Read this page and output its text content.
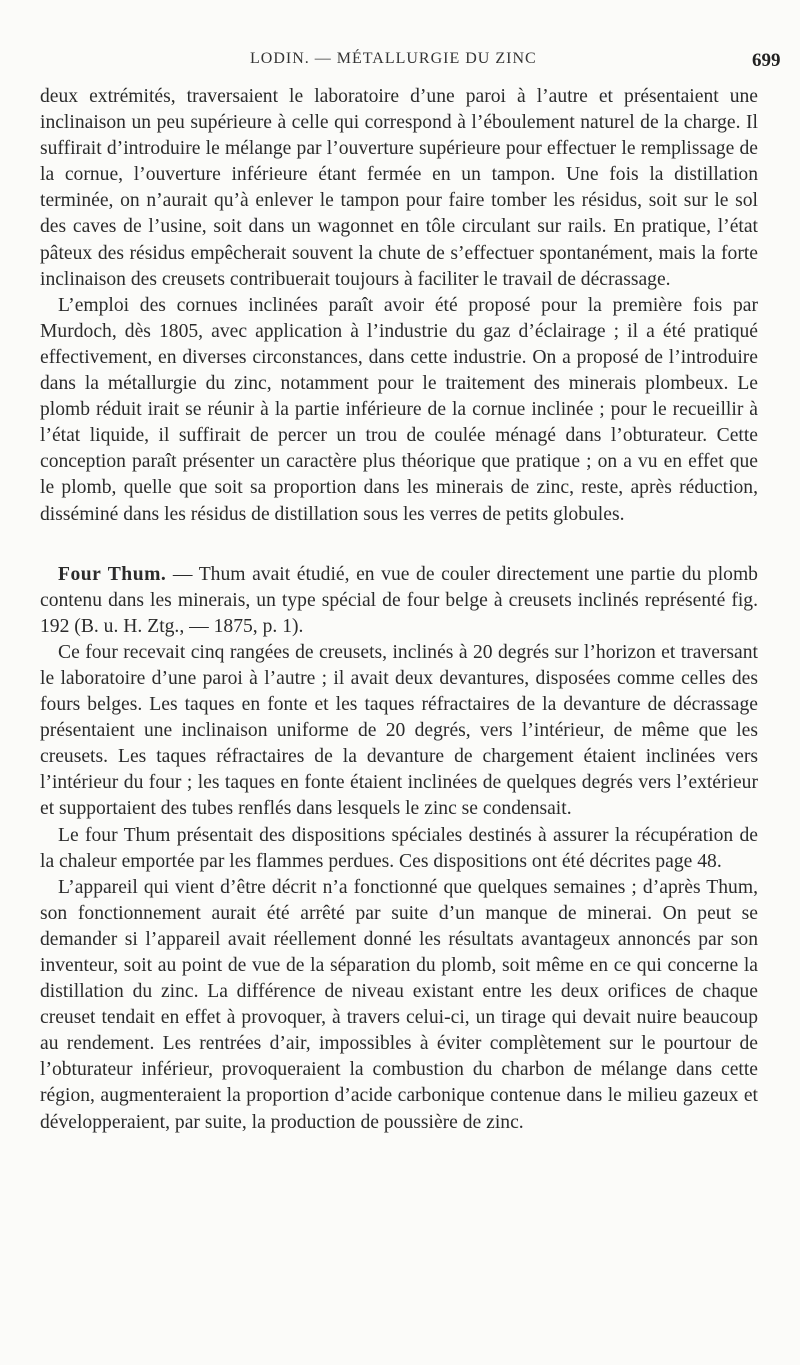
LODIN. — MÉTALLURGIE DU ZINC	699

deux extrémités, traversaient le laboratoire d’une paroi à l’autre et présentaient une inclinaison un peu supérieure à celle qui correspond à l’éboulement naturel de la charge. Il suffirait d’introduire le mélange par l’ouverture supérieure pour effectuer le remplissage de la cornue, l’ouverture inférieure étant fermée en un tampon. Une fois la distillation terminée, on n’aurait qu’à enlever le tampon pour faire tomber les résidus, soit sur le sol des caves de l’usine, soit dans un wagonnet en tôle circulant sur rails. En pratique, l’état pâteux des résidus empêcherait souvent la chute de s’effectuer spontanément, mais la forte inclinaison des creusets contribuerait toujours à faciliter le travail de décrassage.

L’emploi des cornues inclinées paraît avoir été proposé pour la première fois par Murdoch, dès 1805, avec application à l’industrie du gaz d’éclairage ; il a été pratiqué effectivement, en diverses circonstances, dans cette industrie. On a proposé de l’introduire dans la métallurgie du zinc, notamment pour le traitement des minerais plombeux. Le plomb réduit irait se réunir à la partie inférieure de la cornue inclinée ; pour le recueillir à l’état liquide, il suffirait de percer un trou de coulée ménagé dans l’obturateur. Cette conception paraît présenter un caractère plus théorique que pratique ; on a vu en effet que le plomb, quelle que soit sa proportion dans les minerais de zinc, reste, après réduction, disséminé dans les résidus de distillation sous les verres de petits globules.

Four Thum. — Thum avait étudié, en vue de couler directement une partie du plomb contenu dans les minerais, un type spécial de four belge à creusets inclinés représenté fig. 192 (B. u. H. Ztg., — 1875, p. 1).

Ce four recevait cinq rangées de creusets, inclinés à 20 degrés sur l’horizon et traversant le laboratoire d’une paroi à l’autre ; il avait deux devantures, disposées comme celles des fours belges. Les taques en fonte et les taques réfractaires de la devanture de décrassage présentaient une inclinaison uniforme de 20 degrés, vers l’intérieur, de même que les creusets. Les taques réfractaires de la devanture de chargement étaient inclinées vers l’intérieur du four ; les taques en fonte étaient inclinées de quelques degrés vers l’extérieur et supportaient des tubes renflés dans lesquels le zinc se condensait.

Le four Thum présentait des dispositions spéciales destinés à assurer la récupération de la chaleur emportée par les flammes perdues. Ces dispositions ont été décrites page 48.

L’appareil qui vient d’être décrit n’a fonctionné que quelques semaines ; d’après Thum, son fonctionnement aurait été arrêté par suite d’un manque de minerai. On peut se demander si l’appareil avait réellement donné les résultats avantageux annoncés par son inventeur, soit au point de vue de la séparation du plomb, soit même en ce qui concerne la distillation du zinc. La différence de niveau existant entre les deux orifices de chaque creuset tendait en effet à provoquer, à travers celui-ci, un tirage qui devait nuire beaucoup au rendement. Les rentrées d’air, impossibles à éviter complètement sur le pourtour de l’obturateur inférieur, provoqueraient la combustion du charbon de mélange dans cette région, augmenteraient la proportion d’acide carbonique contenue dans le milieu gazeux et développeraient, par suite, la production de poussière de zinc.
